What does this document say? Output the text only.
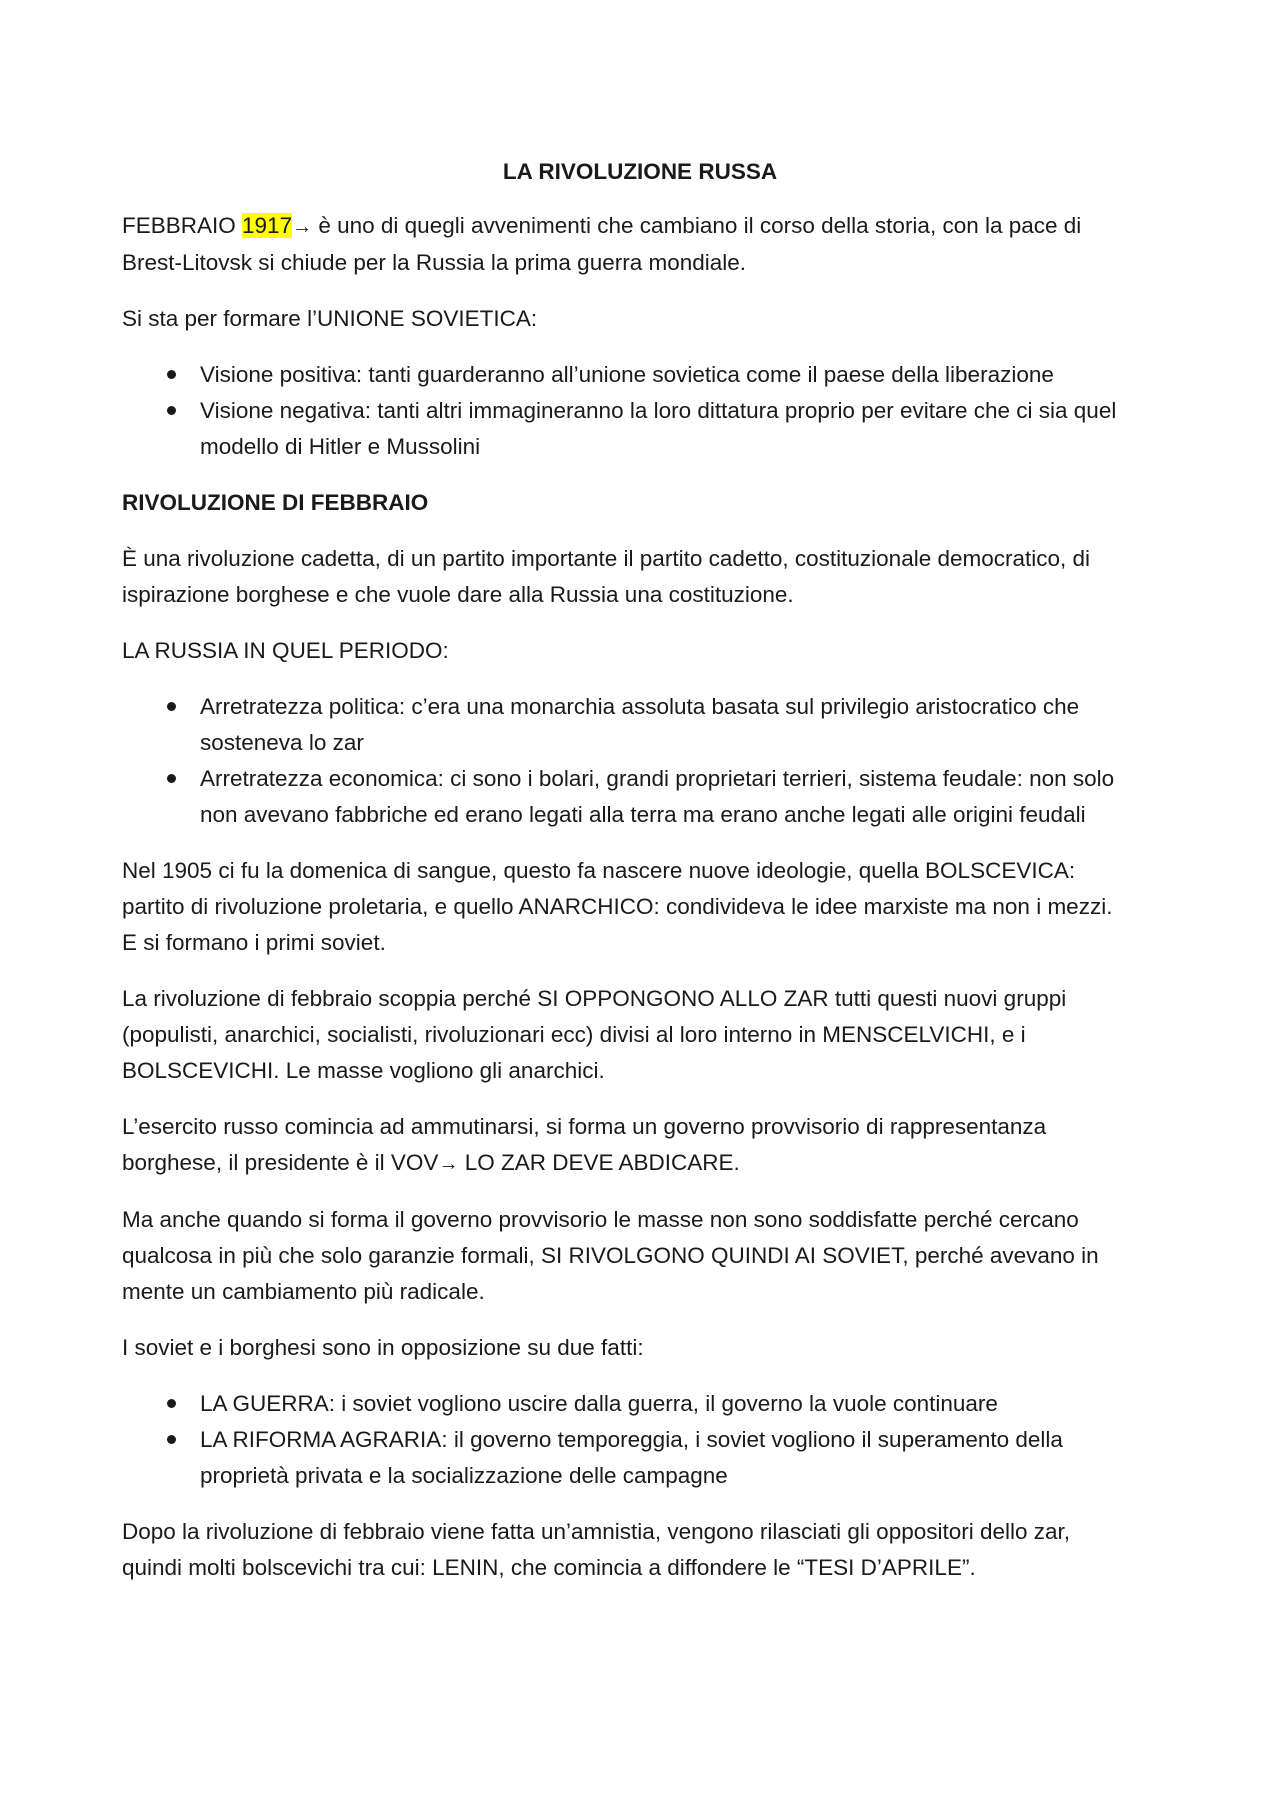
LA RIVOLUZIONE RUSSA

FEBBRAIO 1917→ è uno di quegli avvenimenti che cambiano il corso della storia, con la pace di Brest-Litovsk si chiude per la Russia la prima guerra mondiale.

Si sta per formare l’UNIONE SOVIETICA:

Visione positiva: tanti guarderanno all’unione sovietica come il paese della liberazione
Visione negativa: tanti altri immagineranno la loro dittatura proprio per evitare che ci sia quel modello di Hitler e Mussolini

RIVOLUZIONE DI FEBBRAIO

È una rivoluzione cadetta, di un partito importante il partito cadetto, costituzionale democratico, di ispirazione borghese e che vuole dare alla Russia una costituzione.

LA RUSSIA IN QUEL PERIODO:

Arretratezza politica: c’era una monarchia assoluta basata sul privilegio aristocratico che sosteneva lo zar
Arretratezza economica: ci sono i bolari, grandi proprietari terrieri, sistema feudale: non solo non avevano fabbriche ed erano legati alla terra ma erano anche legati alle origini feudali

Nel 1905 ci fu la domenica di sangue, questo fa nascere nuove ideologie, quella BOLSCEVICA: partito di rivoluzione proletaria, e quello ANARCHICO: condivideva le idee marxiste ma non i mezzi. E si formano i primi soviet.

La rivoluzione di febbraio scoppia perché SI OPPONGONO ALLO ZAR tutti questi nuovi gruppi (populisti, anarchici, socialisti, rivoluzionari ecc) divisi al loro interno in MENSCELVICHI, e i BOLSCEVICHI. Le masse vogliono gli anarchici.

L’esercito russo comincia ad ammutinarsi, si forma un governo provvisorio di rappresentanza borghese, il presidente è il VOV→ LO ZAR DEVE ABDICARE.

Ma anche quando si forma il governo provvisorio le masse non sono soddisfatte perché cercano qualcosa in più che solo garanzie formali, SI RIVOLGONO QUINDI AI SOVIET, perché avevano in mente un cambiamento più radicale.

I soviet e i borghesi sono in opposizione su due fatti:

LA GUERRA: i soviet vogliono uscire dalla guerra, il governo la vuole continuare
LA RIFORMA AGRARIA: il governo temporeggia, i soviet vogliono il superamento della proprietà privata e la socializzazione delle campagne

Dopo la rivoluzione di febbraio viene fatta un’amnistia, vengono rilasciati gli oppositori dello zar, quindi molti bolscevichi tra cui: LENIN, che comincia a diffondere le “TESI D’APRILE”.
